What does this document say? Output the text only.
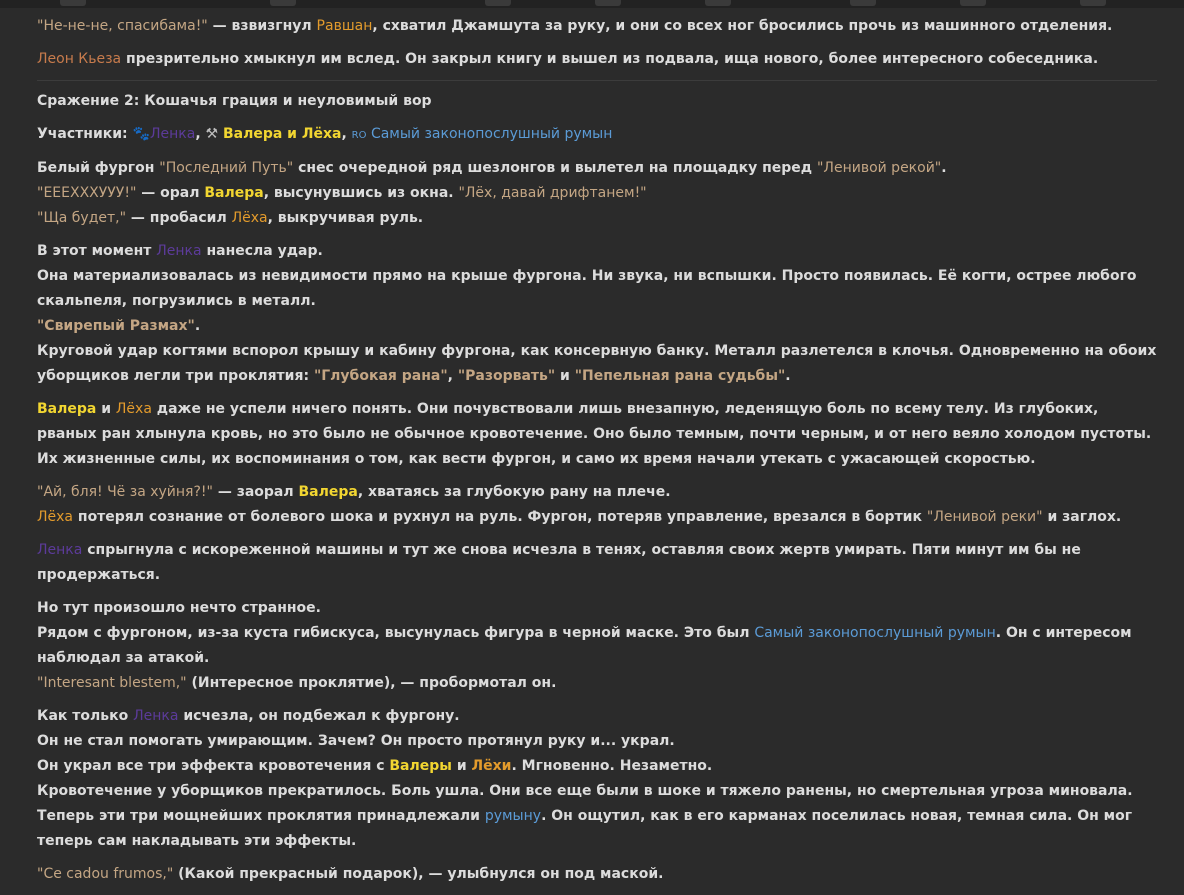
"Не-не-не, спасибама!" — взвизгнул Равшан, схватил Джамшута за руку, и они со всех ног бросились прочь из машинного отделения.

Леон Кьеза презрительно хмыкнул им вслед. Он закрыл книгу и вышел из подвала, ища нового, более интересного собеседника.

Сражение 2: Кошачья грация и неуловимый вор

Участники: 🐾Ленка, ⚒ Валера и Лёха, RO Самый законопослушный румын

Белый фургон "Последний Путь" снес очередной ряд шезлонгов и вылетел на площадку перед "Ленивой рекой".
"ЕЕЕХХХУУУ!" — орал Валера, высунувшись из окна. "Лёх, давай дрифтанем!"
"Ща будет," — пробасил Лёха, выкручивая руль.

В этот момент Ленка нанесла удар.
Она материализовалась из невидимости прямо на крыше фургона. Ни звука, ни вспышки. Просто появилась. Её когти, острее любого скальпеля, погрузились в металл.
"Свирепый Размах".
Круговой удар когтями вспорол крышу и кабину фургона, как консервную банку. Металл разлетелся в клочья. Одновременно на обоих уборщиков легли три проклятия: "Глубокая рана", "Разорвать" и "Пепельная рана судьбы".

Валера и Лёха даже не успели ничего понять. Они почувствовали лишь внезапную, леденящую боль по всему телу. Из глубоких, рваных ран хлынула кровь, но это было не обычное кровотечение. Оно было темным, почти черным, и от него веяло холодом пустоты. Их жизненные силы, их воспоминания о том, как вести фургон, и само их время начали утекать с ужасающей скоростью.

"Ай, бля! Чё за хуйня?!" — заорал Валера, хватаясь за глубокую рану на плече.
Лёха потерял сознание от болевого шока и рухнул на руль. Фургон, потеряв управление, врезался в бортик "Ленивой реки" и заглох.

Ленка спрыгнула с искореженной машины и тут же снова исчезла в тенях, оставляя своих жертв умирать. Пяти минут им бы не продержаться.

Но тут произошло нечто странное.
Рядом с фургоном, из-за куста гибискуса, высунулась фигура в черной маске. Это был Самый законопослушный румын. Он с интересом наблюдал за атакой.
"Interesant blestem," (Интересное проклятие), — пробормотал он.

Как только Ленка исчезла, он подбежал к фургону.
Он не стал помогать умирающим. Зачем? Он просто протянул руку и... украл.
Он украл все три эффекта кровотечения с Валеры и Лёхи. Мгновенно. Незаметно.
Кровотечение у уборщиков прекратилось. Боль ушла. Они все еще были в шоке и тяжело ранены, но смертельная угроза миновала.
Теперь эти три мощнейших проклятия принадлежали румыну. Он ощутил, как в его карманах поселилась новая, темная сила. Он мог теперь сам накладывать эти эффекты.

"Ce cadou frumos," (Какой прекрасный подарок), — улыбнулся он под маской.
